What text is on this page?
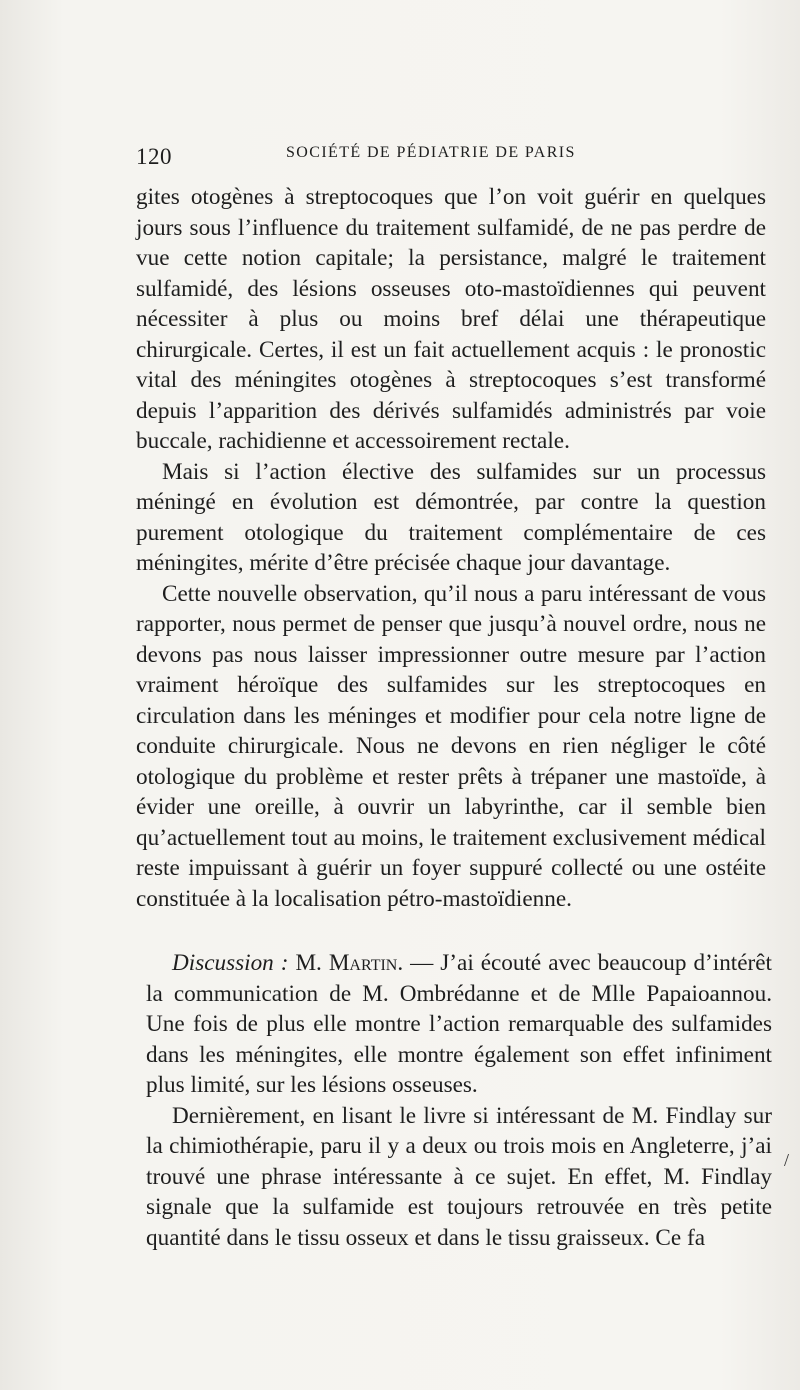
120	SOCIÉTÉ DE PÉDIATRIE DE PARIS

gites otogènes à streptocoques que l’on voit guérir en quelques jours sous l’influence du traitement sulfamidé, de ne pas perdre de vue cette notion capitale; la persistance, malgré le traitement sulfamidé, des lésions osseuses oto-mastoïdiennes qui peuvent nécessiter à plus ou moins bref délai une thérapeutique chirurgicale. Certes, il est un fait actuellement acquis : le pronostic vital des méningites otogènes à streptocoques s’est transformé depuis l’apparition des dérivés sulfamidés administrés par voie buccale, rachidienne et accessoirement rectale.

Mais si l’action élective des sulfamides sur un processus méningé en évolution est démontrée, par contre la question purement otologique du traitement complémentaire de ces méningites, mérite d’être précisée chaque jour davantage.

Cette nouvelle observation, qu’il nous a paru intéressant de vous rapporter, nous permet de penser que jusqu’à nouvel ordre, nous ne devons pas nous laisser impressionner outre mesure par l’action vraiment héroïque des sulfamides sur les streptocoques en circulation dans les méninges et modifier pour cela notre ligne de conduite chirurgicale. Nous ne devons en rien négliger le côté otologique du problème et rester prêts à trépaner une mastoïde, à évider une oreille, à ouvrir un labyrinthe, car il semble bien qu’actuellement tout au moins, le traitement exclusivement médical reste impuissant à guérir un foyer suppuré collecté ou une ostéite constituée à la localisation pétro-mastoïdienne.

Discussion : M. Martin. — J’ai écouté avec beaucoup d’intérêt la communication de M. Ombrédanne et de Mlle Papaioannou. Une fois de plus elle montre l’action remarquable des sulfamides dans les méningites, elle montre également son effet infiniment plus limité, sur les lésions osseuses.

Dernièrement, en lisant le livre si intéressant de M. Findlay sur la chimiothérapie, paru il y a deux ou trois mois en Angleterre, j’ai trouvé une phrase intéressante à ce sujet. En effet, M. Findlay signale que la sulfamide est toujours retrouvée en très petite quantité dans le tissu osseux et dans le tissu graisseux. Ce fa

/
